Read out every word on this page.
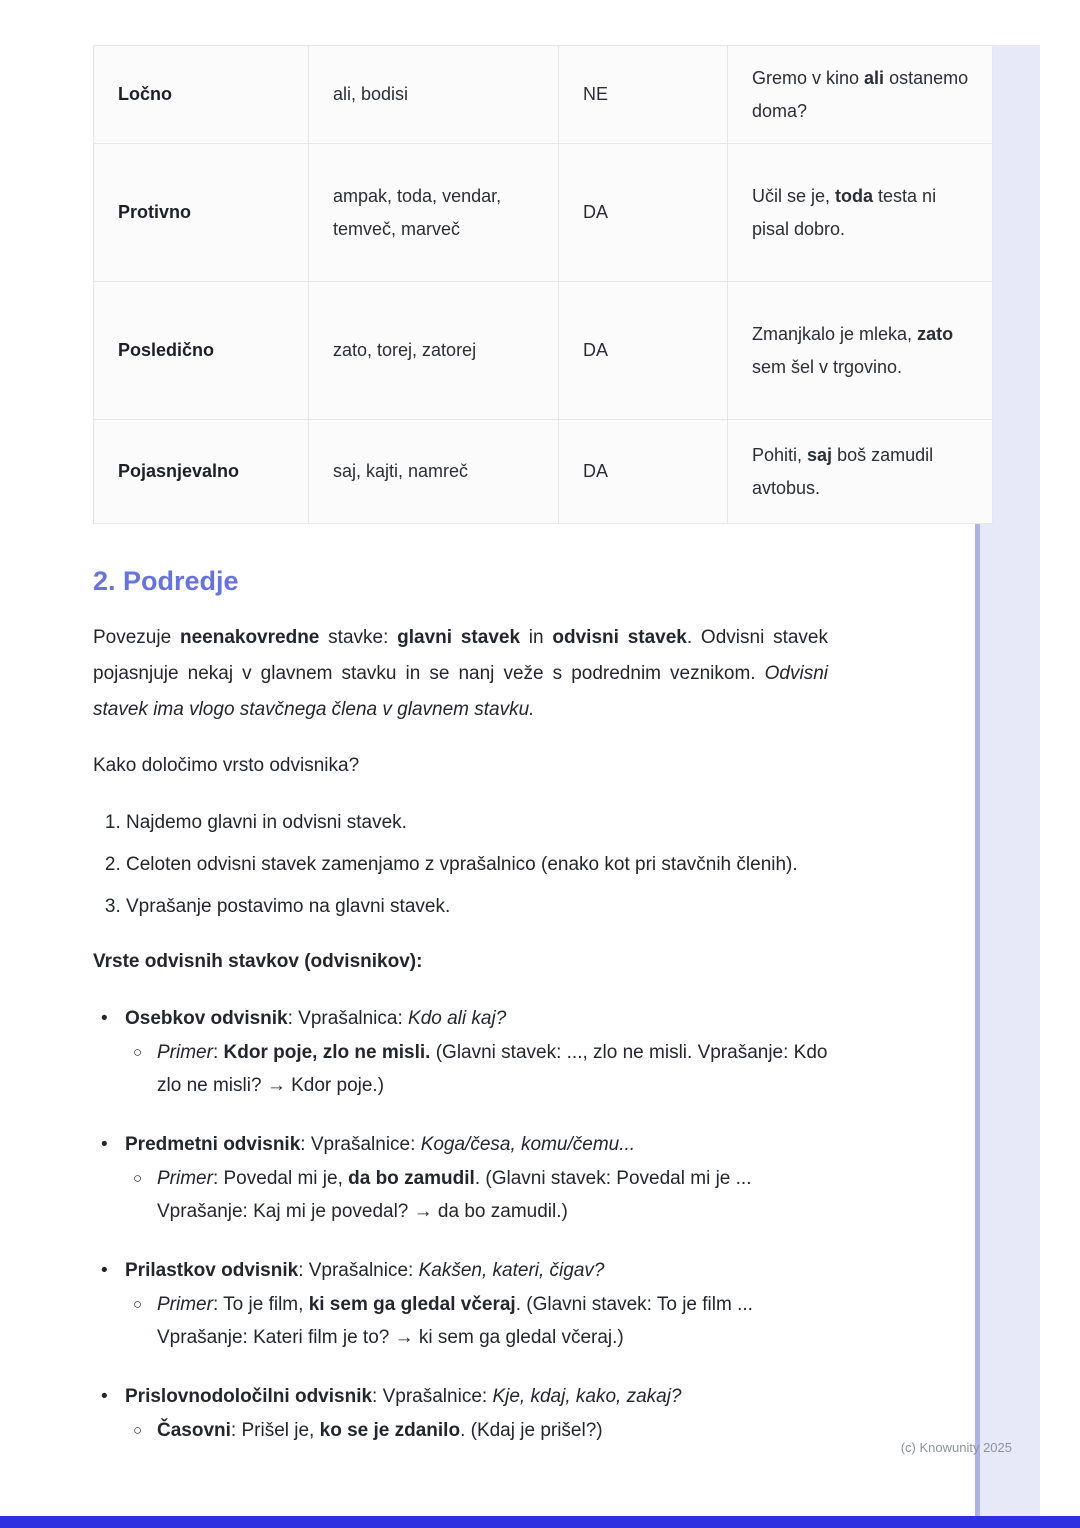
(c) Knowunity 2025
Ločno	ali, bodisi	NE	Gremo v kino ali ostanemo doma?
Protivno	ampak, toda, vendar, temveč, marveč	DA	Učil se je, toda testa ni pisal dobro.
Posledično	zato, torej, zatorej	DA	Zmanjkalo je mleka, zato sem šel v trgovino.
Pojasnjevalno	saj, kajti, namreč	DA	Pohiti, saj boš zamudil avtobus.
2. Podredje

Povezuje neenakovredne stavke: glavni stavek in odvisni stavek. Odvisni stavek pojasnjuje nekaj v glavnem stavku in se nanj veže s podrednim veznikom. Odvisni stavek ima vlogo stavčnega člena v glavnem stavku.

Kako določimo vrsto odvisnika?

1. Najdemo glavni in odvisni stavek.
2. Celoten odvisni stavek zamenjamo z vprašalnico (enako kot pri stavčnih členih).
3. Vprašanje postavimo na glavni stavek.

Vrste odvisnih stavkov (odvisnikov):

• Osebkov odvisnik: Vprašalnica: Kdo ali kaj?
○ Primer: Kdor poje, zlo ne misli. (Glavni stavek: ..., zlo ne misli. Vprašanje: Kdo zlo ne misli? → Kdor poje.)
• Predmetni odvisnik: Vprašalnice: Koga/česa, komu/čemu...
○ Primer: Povedal mi je, da bo zamudil. (Glavni stavek: Povedal mi je ... Vprašanje: Kaj mi je povedal? → da bo zamudil.)
• Prilastkov odvisnik: Vprašalnice: Kakšen, kateri, čigav?
○ Primer: To je film, ki sem ga gledal včeraj. (Glavni stavek: To je film ... Vprašanje: Kateri film je to? → ki sem ga gledal včeraj.)
• Prislovnodoločilni odvisnik: Vprašalnice: Kje, kdaj, kako, zakaj?
○ Časovni: Prišel je, ko se je zdanilo. (Kdaj je prišel?)
